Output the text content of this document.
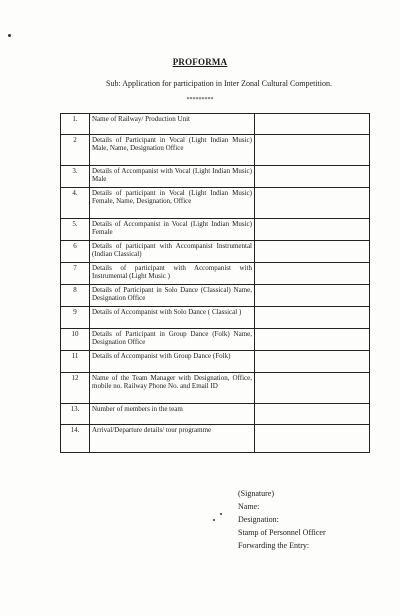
PROFORMA
Sub: Application for participation in Inter Zonal Cultural Competition.
*********
1.	Name of Railway/ Production Unit	
2	Details of Participant in Vocal (Light Indian Music) Male, Name, Designation Office	
3.	Details of Accompanist with Vocal (Light Indian Music) Male	
4.	Details of participant in Vocal (Light Indian Music) Female, Name, Designation, Office	
5.	Details of Accompanist in Vocal (Light Indian Music) Female	
6	Details of participant with Accompanist Instrumental (Indian Classical)	
7	Details of participant with Accompanist with Instrumental (Light Music )	
8	Details of Participant in Solo Dance (Classical) Name, Designation Office	
9	Details of Accompanist with Solo Dance ( Classical )	
10	Details of Participant in Group Dance (Folk) Name, Designation Office	
11	Details of Accompanist with Group Dance (Folk)	
12	Name of the Team Manager with Designation, Office, mobile no. Railway Phone No. and Email ID	
13.	Number of members in the team	
14.	Arrival/Departure details/ tour programme	
(Signature)
Name:
Designation:
Stamp of Personnel Officer
Forwarding the Entry:
